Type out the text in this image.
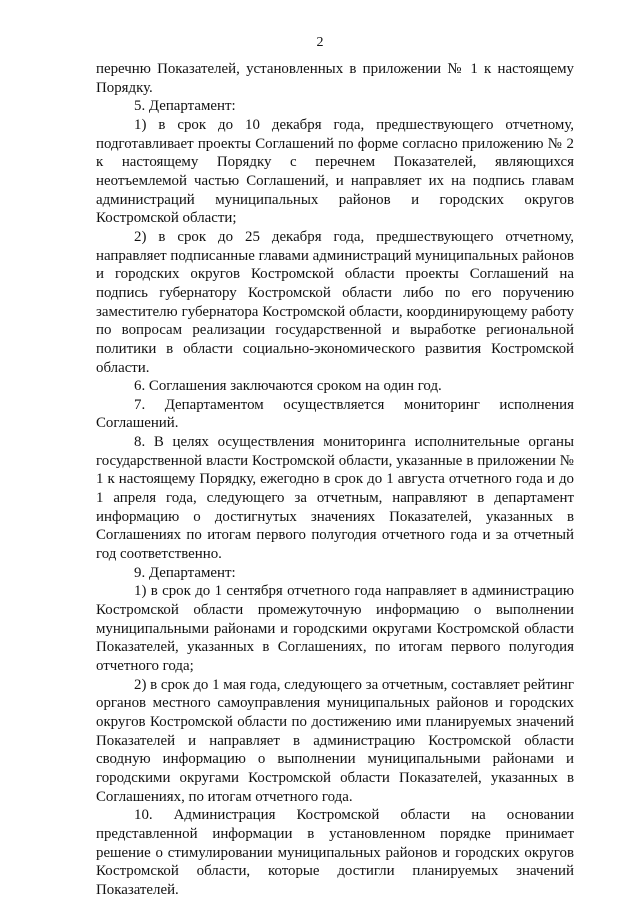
2

перечню Показателей, установленных в приложении № 1 к настоящему Порядку.

5. Департамент:

1) в срок до 10 декабря года, предшествующего отчетному, подготавливает проекты Соглашений по форме согласно приложению № 2 к настоящему Порядку с перечнем Показателей, являющихся неотъемлемой частью Соглашений, и направляет их на подпись главам администраций муниципальных районов и городских округов Костромской области;

2) в срок до 25 декабря года, предшествующего отчетному, направляет подписанные главами администраций муниципальных районов и городских округов Костромской области проекты Соглашений на подпись губернатору Костромской области либо по его поручению заместителю губернатора Костромской области, координирующему работу по вопросам реализации государственной и выработке региональной политики в области социально-экономического развития Костромской области.

6. Соглашения заключаются сроком на один год.

7. Департаментом осуществляется мониторинг исполнения Соглашений.

8. В целях осуществления мониторинга исполнительные органы государственной власти Костромской области, указанные в приложении № 1 к настоящему Порядку, ежегодно в срок до 1 августа отчетного года и до 1 апреля года, следующего за отчетным, направляют в департамент информацию о достигнутых значениях Показателей, указанных в Соглашениях по итогам первого полугодия отчетного года и за отчетный год соответственно.

9. Департамент:

1) в срок до 1 сентября отчетного года направляет в администрацию Костромской области промежуточную информацию о выполнении муниципальными районами и городскими округами Костромской области Показателей, указанных в Соглашениях, по итогам первого полугодия отчетного года;

2) в срок до 1 мая года, следующего за отчетным, составляет рейтинг органов местного самоуправления муниципальных районов и городских округов Костромской области по достижению ими планируемых значений Показателей и направляет в администрацию Костромской области сводную информацию о выполнении муниципальными районами и городскими округами Костромской области Показателей, указанных в Соглашениях, по итогам отчетного года.

10. Администрация Костромской области на основании представленной информации в установленном порядке принимает решение о стимулировании муниципальных районов и городских округов Костромской области, которые достигли планируемых значений Показателей.
